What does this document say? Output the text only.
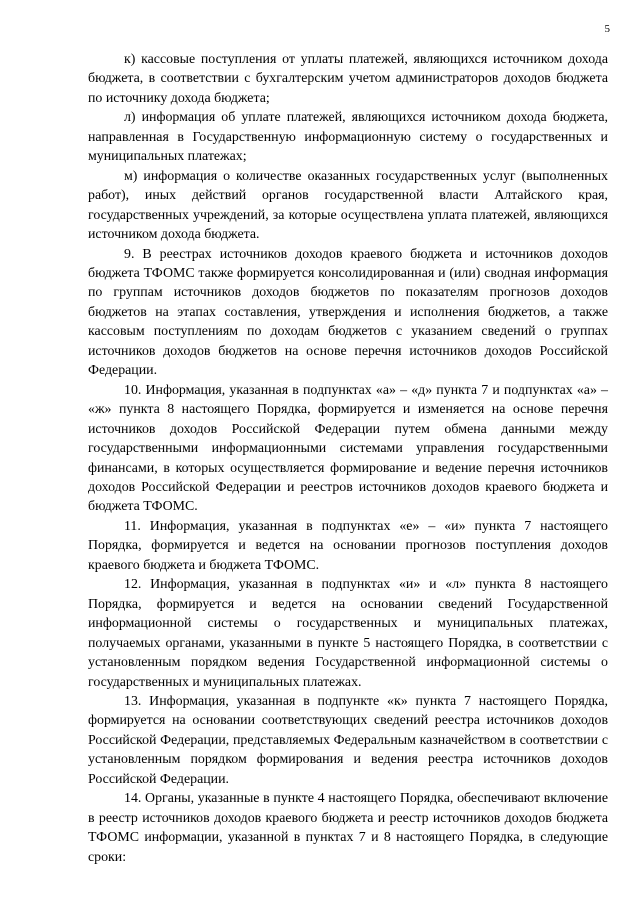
5

к) кассовые поступления от уплаты платежей, являющихся источником дохода бюджета, в соответствии с бухгалтерским учетом администраторов доходов бюджета по источнику дохода бюджета;

л) информация об уплате платежей, являющихся источником дохода бюджета, направленная в Государственную информационную систему о государственных и муниципальных платежах;

м) информация о количестве оказанных государственных услуг (выполненных работ), иных действий органов государственной власти Алтайского края, государственных учреждений, за которые осуществлена уплата платежей, являющихся источником дохода бюджета.

9. В реестрах источников доходов краевого бюджета и источников доходов бюджета ТФОМС также формируется консолидированная и (или) сводная информация по группам источников доходов бюджетов по показателям прогнозов доходов бюджетов на этапах составления, утверждения и исполнения бюджетов, а также кассовым поступлениям по доходам бюджетов с указанием сведений о группах источников доходов бюджетов на основе перечня источников доходов Российской Федерации.

10. Информация, указанная в подпунктах «а» – «д» пункта 7 и подпунктах «а» – «ж» пункта 8 настоящего Порядка, формируется и изменяется на основе перечня источников доходов Российской Федерации путем обмена данными между государственными информационными системами управления государственными финансами, в которых осуществляется формирование и ведение перечня источников доходов Российской Федерации и реестров источников доходов краевого бюджета и бюджета ТФОМС.

11. Информация, указанная в подпунктах «е» – «и» пункта 7 настоящего Порядка, формируется и ведется на основании прогнозов поступления доходов краевого бюджета и бюджета ТФОМС.

12. Информация, указанная в подпунктах «и» и «л» пункта 8 настоящего Порядка, формируется и ведется на основании сведений Государственной информационной системы о государственных и муниципальных платежах, получаемых органами, указанными в пункте 5 настоящего Порядка, в соответствии с установленным порядком ведения Государственной информационной системы о государственных и муниципальных платежах.

13. Информация, указанная в подпункте «к» пункта 7 настоящего Порядка, формируется на основании соответствующих сведений реестра источников доходов Российской Федерации, представляемых Федеральным казначейством в соответствии с установленным порядком формирования и ведения реестра источников доходов Российской Федерации.

14. Органы, указанные в пункте 4 настоящего Порядка, обеспечивают включение в реестр источников доходов краевого бюджета и реестр источников доходов бюджета ТФОМС информации, указанной в пунктах 7 и 8 настоящего Порядка, в следующие сроки:
